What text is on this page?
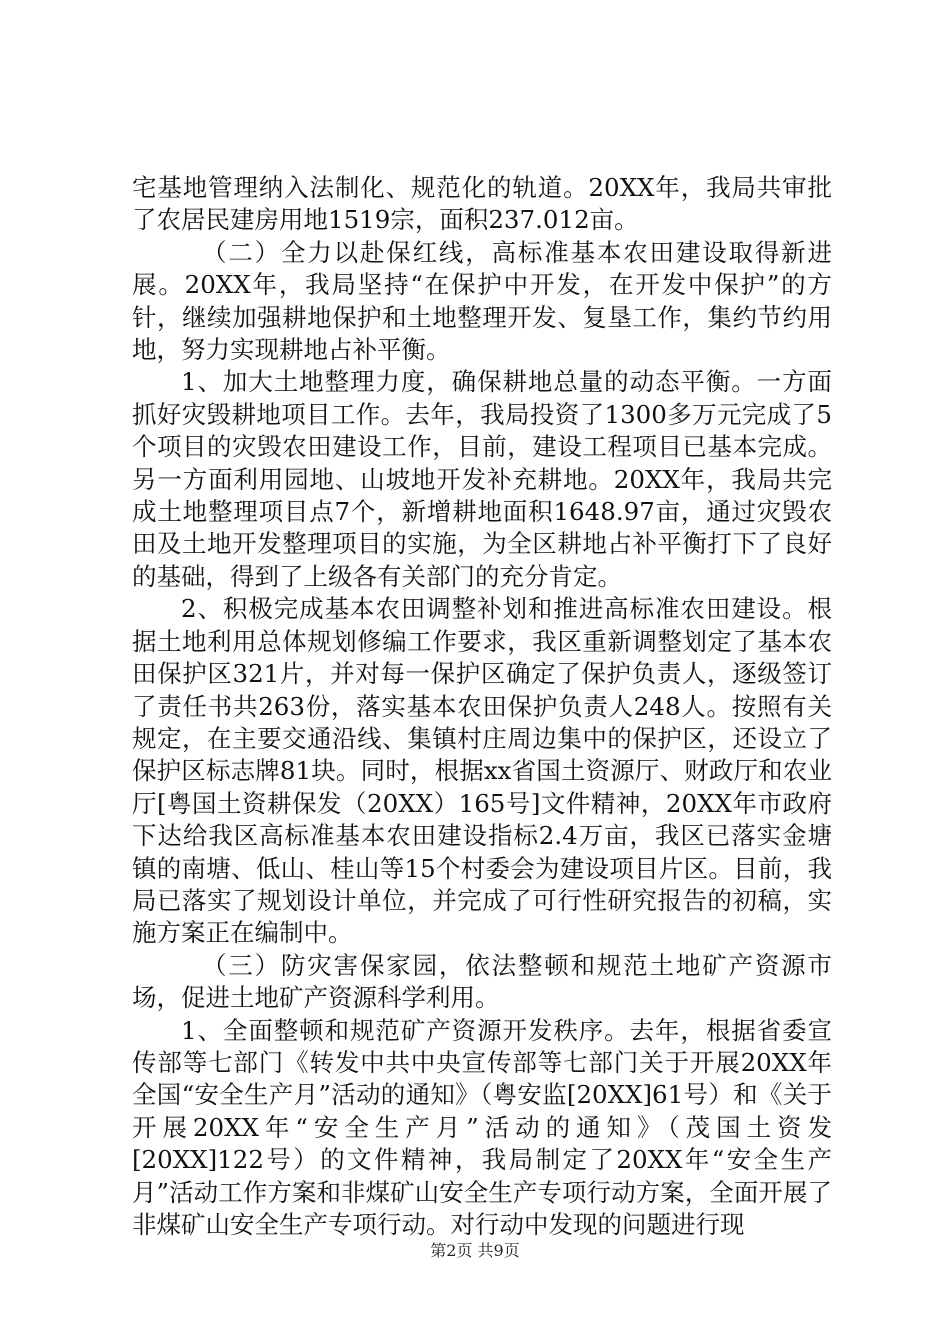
宅基地管理纳入法制化、规范化的轨道。20XX年，我局共审批了农居民建房用地1519宗，面积237.012亩。

（二）全力以赴保红线，高标准基本农田建设取得新进展。20XX年，我局坚持“在保护中开发，在开发中保护”的方针，继续加强耕地保护和土地整理开发、复垦工作，集约节约用地，努力实现耕地占补平衡。

1、加大土地整理力度，确保耕地总量的动态平衡。一方面抓好灾毁耕地项目工作。去年，我局投资了1300多万元完成了5个项目的灾毁农田建设工作，目前，建设工程项目已基本完成。另一方面利用园地、山坡地开发补充耕地。20XX年，我局共完成土地整理项目点7个，新增耕地面积1648.97亩，通过灾毁农田及土地开发整理项目的实施，为全区耕地占补平衡打下了良好的基础，得到了上级各有关部门的充分肯定。

2、积极完成基本农田调整补划和推进高标准农田建设。根据土地利用总体规划修编工作要求，我区重新调整划定了基本农田保护区321片，并对每一保护区确定了保护负责人，逐级签订了责任书共263份，落实基本农田保护负责人248人。按照有关规定，在主要交通沿线、集镇村庄周边集中的保护区，还设立了保护区标志牌81块。同时，根据xx省国土资源厅、财政厅和农业厅[粤国土资耕保发（20XX）165号]文件精神，20XX年市政府下达给我区高标准基本农田建设指标2.4万亩，我区已落实金塘镇的南塘、低山、桂山等15个村委会为建设项目片区。目前，我局已落实了规划设计单位，并完成了可行性研究报告的初稿，实施方案正在编制中。

（三）防灾害保家园，依法整顿和规范土地矿产资源市场，促进土地矿产资源科学利用。

1、全面整顿和规范矿产资源开发秩序。去年，根据省委宣传部等七部门《转发中共中央宣传部等七部门关于开展20XX年全国“安全生产月”活动的通知》（粤安监[20XX]61号）和《关于开展20XX年“安全生产月”活动的通知》（茂国土资发[20XX]122号）的文件精神，我局制定了20XX年“安全生产月”活动工作方案和非煤矿山安全生产专项行动方案，全面开展了非煤矿山安全生产专项行动。对行动中发现的问题进行现

第2页 共9页
